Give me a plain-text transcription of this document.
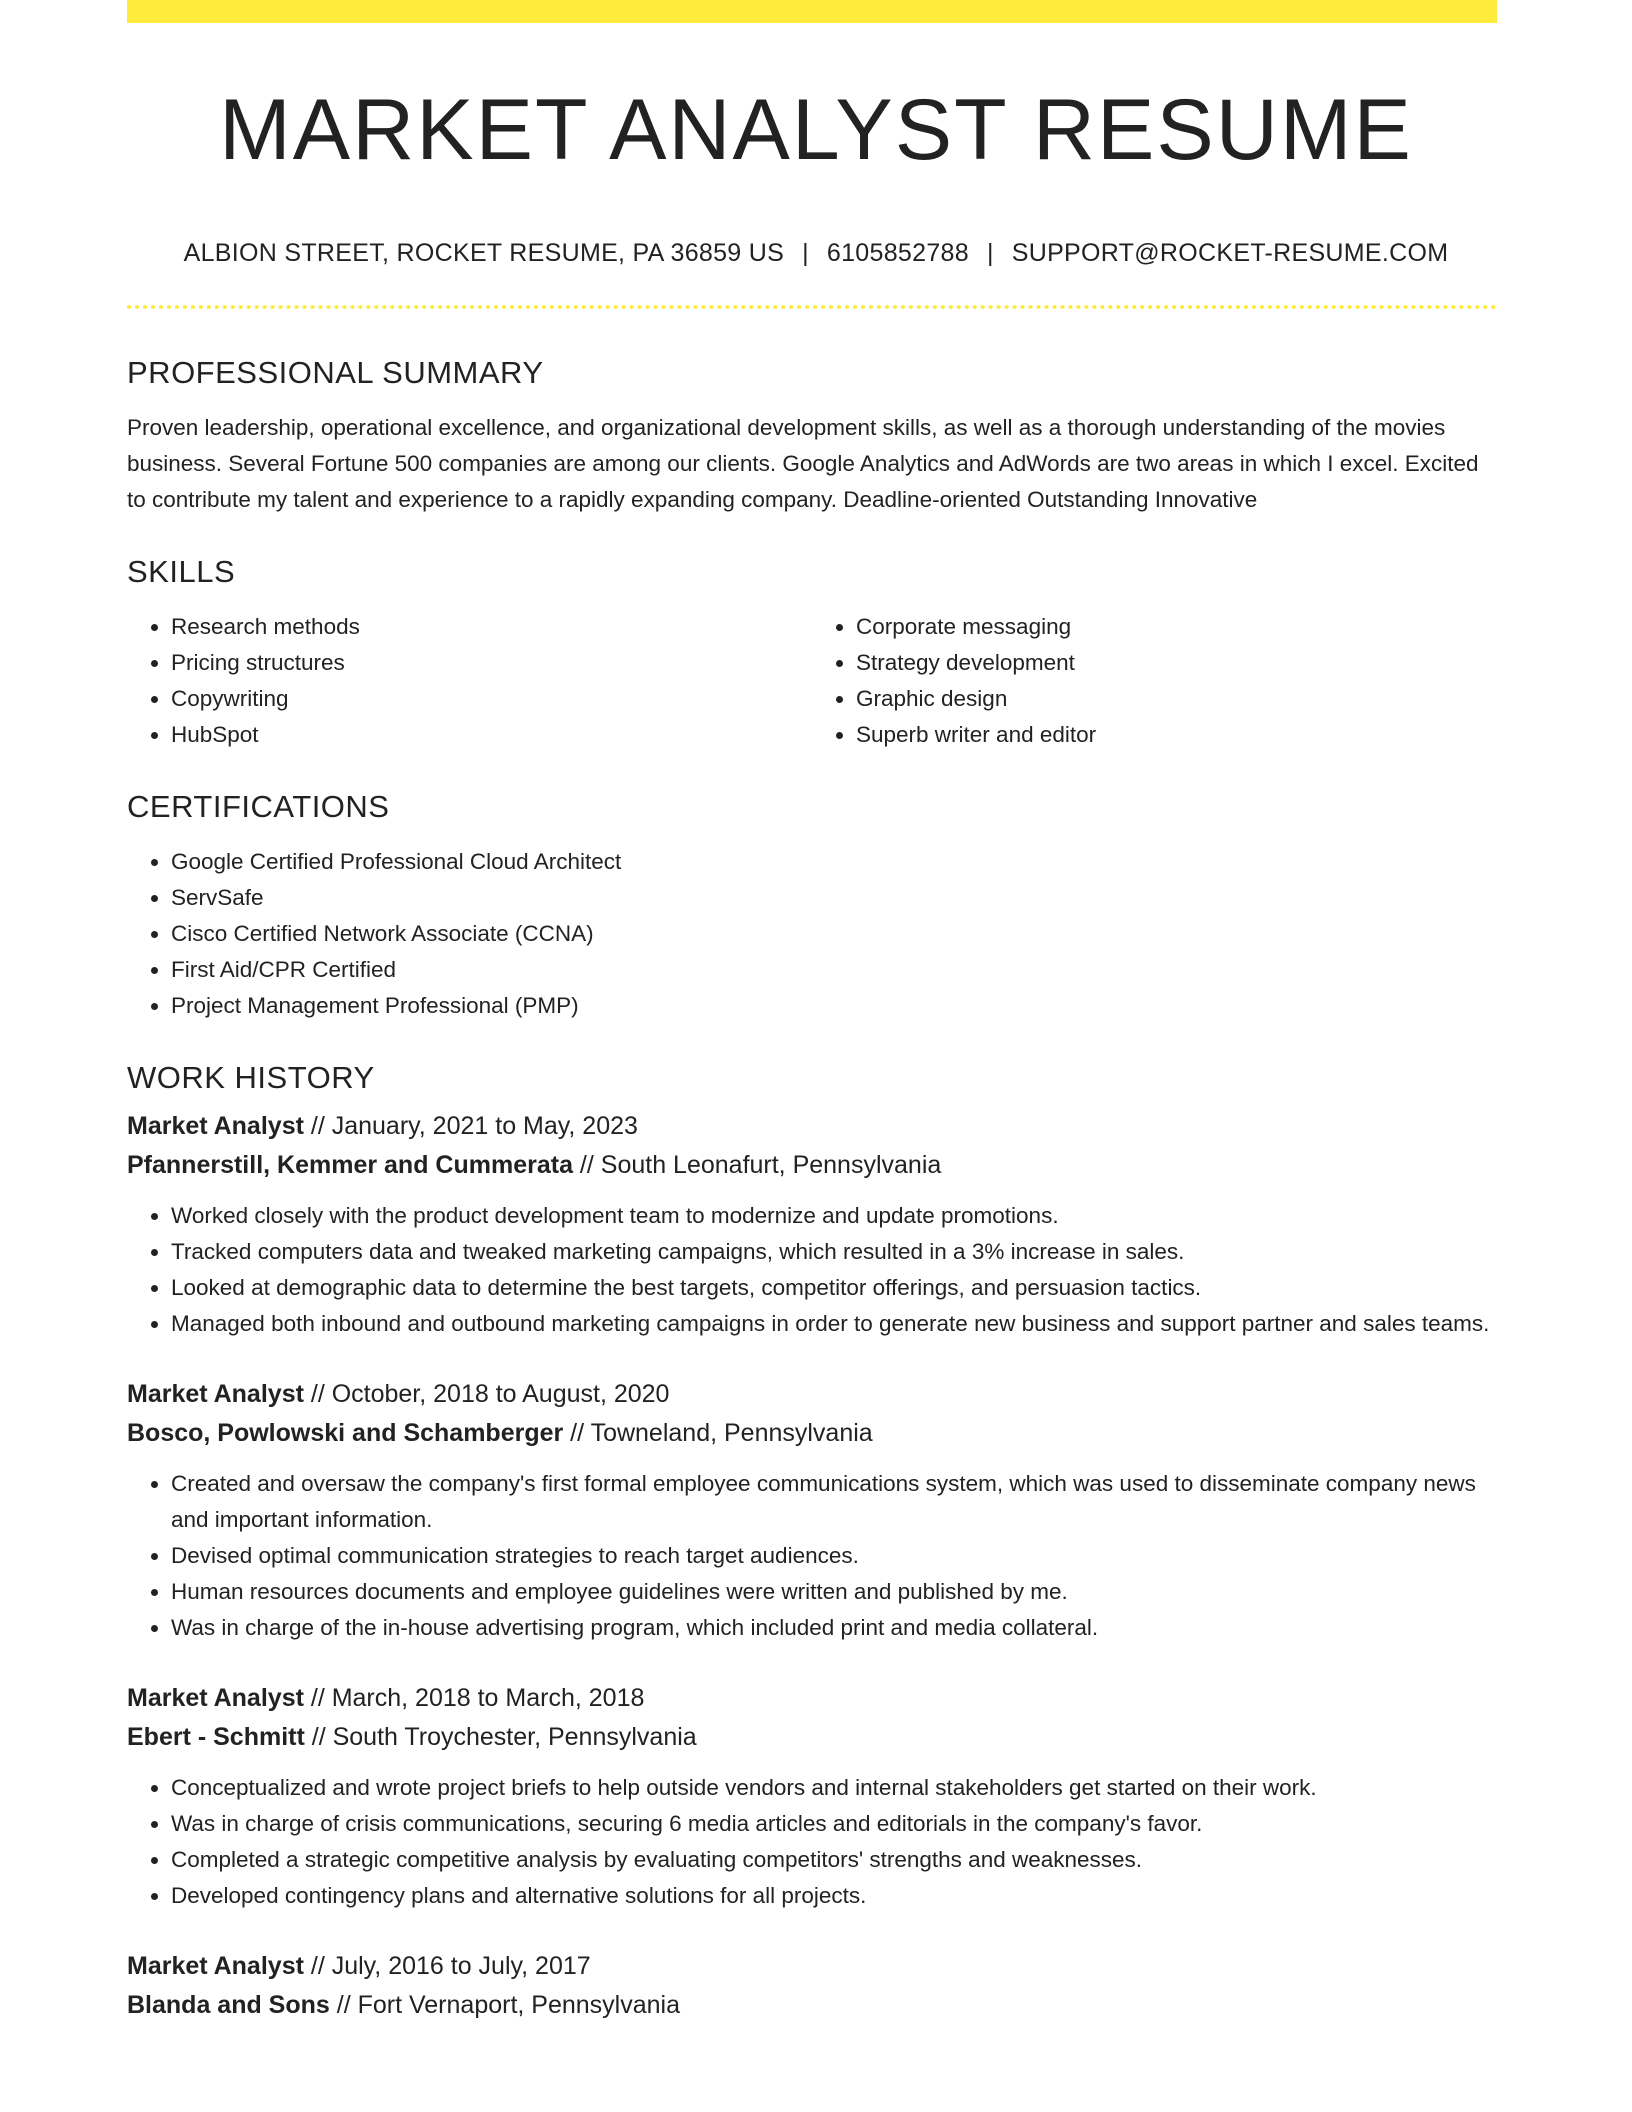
MARKET ANALYST RESUME
ALBION STREET, ROCKET RESUME, PA 36859 US | 6105852788 | SUPPORT@ROCKET-RESUME.COM
PROFESSIONAL SUMMARY

Proven leadership, operational excellence, and organizational development skills, as well as a thorough understanding of the movies business. Several Fortune 500 companies are among our clients. Google Analytics and AdWords are two areas in which I excel. Excited to contribute my talent and experience to a rapidly expanding company. Deadline-oriented Outstanding Innovative

SKILLS
• Research methods
• Pricing structures
• Copywriting
• HubSpot
• Corporate messaging
• Strategy development
• Graphic design
• Superb writer and editor
CERTIFICATIONS
• Google Certified Professional Cloud Architect
• ServSafe
• Cisco Certified Network Associate (CCNA)
• First Aid/CPR Certified
• Project Management Professional (PMP)
WORK HISTORY

Market Analyst // January, 2021 to May, 2023

Pfannerstill, Kemmer and Cummerata // South Leonafurt, Pennsylvania

• Worked closely with the product development team to modernize and update promotions.
• Tracked computers data and tweaked marketing campaigns, which resulted in a 3% increase in sales.
• Looked at demographic data to determine the best targets, competitor offerings, and persuasion tactics.
• Managed both inbound and outbound marketing campaigns in order to generate new business and support partner and sales teams.

Market Analyst // October, 2018 to August, 2020

Bosco, Powlowski and Schamberger // Towneland, Pennsylvania

• Created and oversaw the company's first formal employee communications system, which was used to disseminate company news and important information.
• Devised optimal communication strategies to reach target audiences.
• Human resources documents and employee guidelines were written and published by me.
• Was in charge of the in-house advertising program, which included print and media collateral.

Market Analyst // March, 2018 to March, 2018

Ebert - Schmitt // South Troychester, Pennsylvania

• Conceptualized and wrote project briefs to help outside vendors and internal stakeholders get started on their work.
• Was in charge of crisis communications, securing 6 media articles and editorials in the company's favor.
• Completed a strategic competitive analysis by evaluating competitors' strengths and weaknesses.
• Developed contingency plans and alternative solutions for all projects.

Market Analyst // July, 2016 to July, 2017

Blanda and Sons // Fort Vernaport, Pennsylvania
